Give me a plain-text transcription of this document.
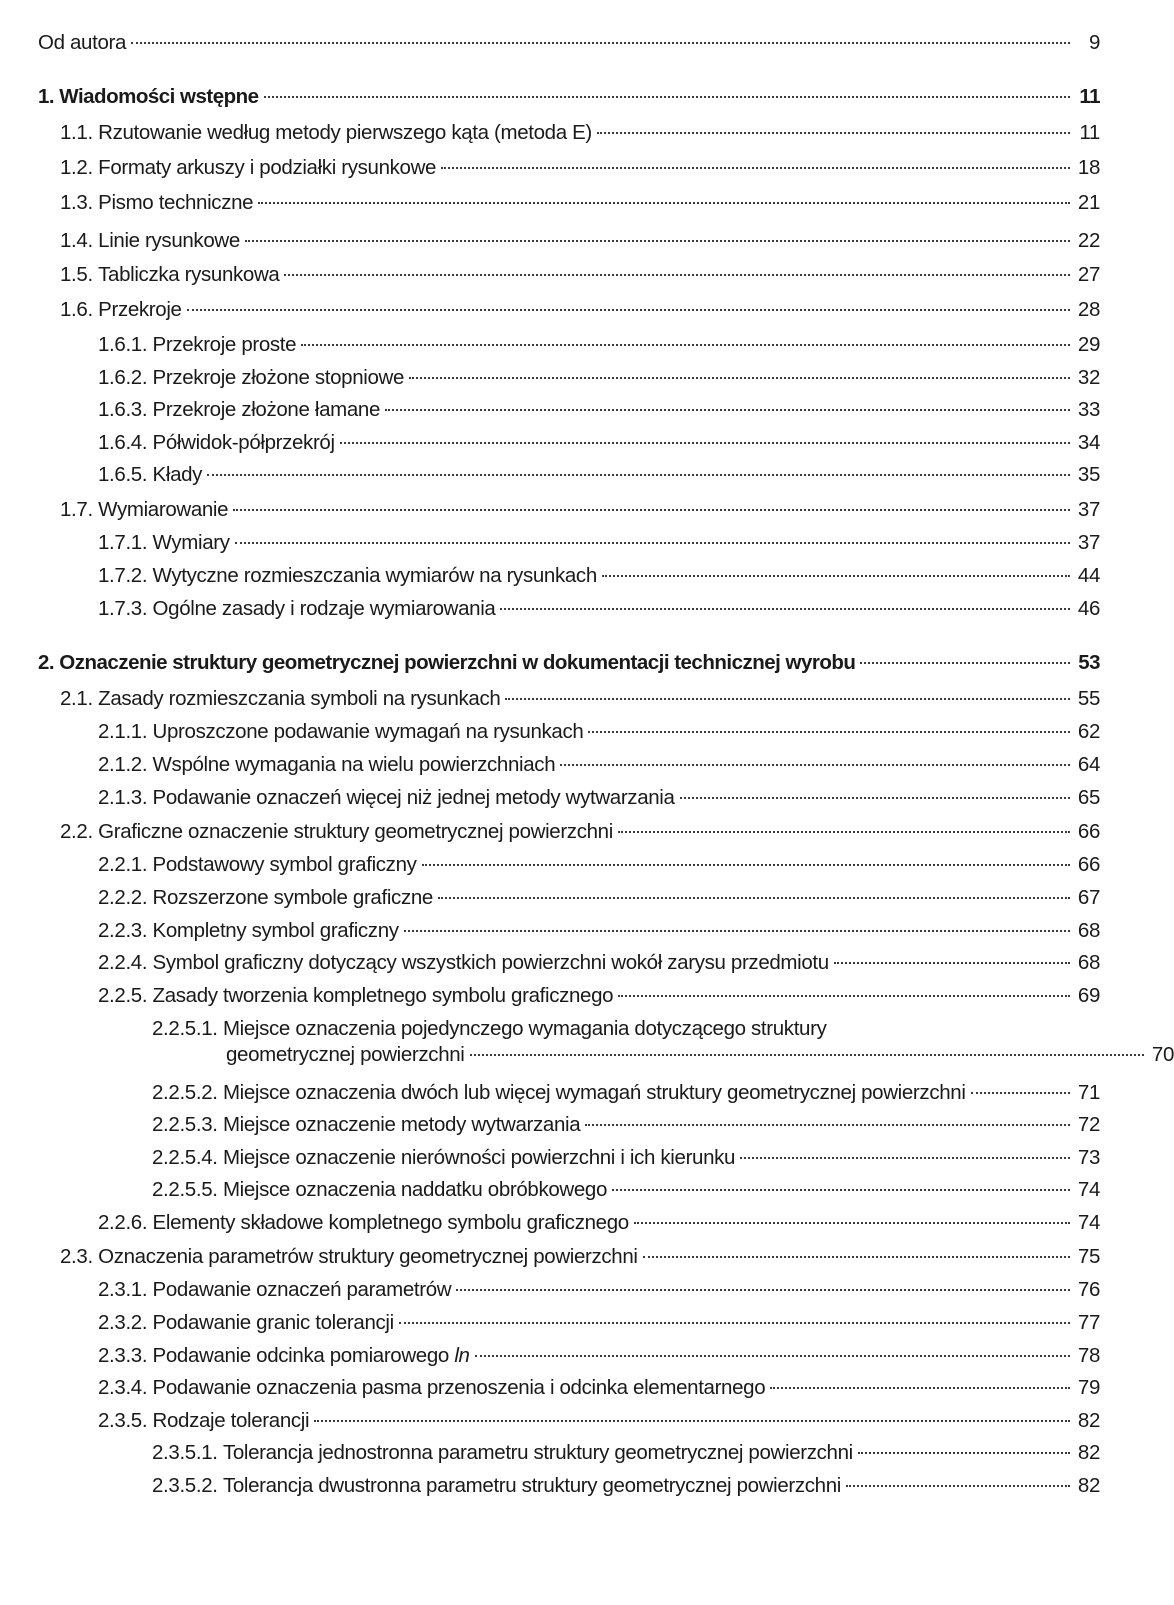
Od autora	9
1. Wiadomości wstępne	11
1.1. Rzutowanie według metody pierwszego kąta (metoda E)	11
1.2. Formaty arkuszy i podziałki rysunkowe	18
1.3. Pismo techniczne	21
1.4. Linie rysunkowe	22
1.5. Tabliczka rysunkowa	27
1.6. Przekroje	28
1.6.1. Przekroje proste	29
1.6.2. Przekroje złożone stopniowe	32
1.6.3. Przekroje złożone łamane	33
1.6.4. Półwidok-półprzekrój	34
1.6.5. Kłady	35
1.7. Wymiarowanie	37
1.7.1. Wymiary	37
1.7.2. Wytyczne rozmieszczania wymiarów na rysunkach	44
1.7.3. Ogólne zasady i rodzaje wymiarowania	46
2. Oznaczenie struktury geometrycznej powierzchni w dokumentacji technicznej wyrobu	53
2.1. Zasady rozmieszczania symboli na rysunkach	55
2.1.1. Uproszczone podawanie wymagań na rysunkach	62
2.1.2. Wspólne wymagania na wielu powierzchniach	64
2.1.3. Podawanie oznaczeń więcej niż jednej metody wytwarzania	65
2.2. Graficzne oznaczenie struktury geometrycznej powierzchni	66
2.2.1. Podstawowy symbol graficzny	66
2.2.2. Rozszerzone symbole graficzne	67
2.2.3. Kompletny symbol graficzny	68
2.2.4. Symbol graficzny dotyczący wszystkich powierzchni wokół zarysu przedmiotu	68
2.2.5. Zasady tworzenia kompletnego symbolu graficznego	69
2.2.5.1. Miejsce oznaczenia pojedynczego wymagania dotyczącego struktury
geometrycznej powierzchni	70
2.2.5.2. Miejsce oznaczenia dwóch lub więcej wymagań struktury geometrycznej powierzchni	71
2.2.5.3. Miejsce oznaczenie metody wytwarzania	72
2.2.5.4. Miejsce oznaczenie nierówności powierzchni i ich kierunku	73
2.2.5.5. Miejsce oznaczenia naddatku obróbkowego	74
2.2.6. Elementy składowe kompletnego symbolu graficznego	74
2.3. Oznaczenia parametrów struktury geometrycznej powierzchni	75
2.3.1. Podawanie oznaczeń parametrów	76
2.3.2. Podawanie granic tolerancji	77
2.3.3. Podawanie odcinka pomiarowego ln	78
2.3.4. Podawanie oznaczenia pasma przenoszenia i odcinka elementarnego	79
2.3.5. Rodzaje tolerancji	82
2.3.5.1. Tolerancja jednostronna parametru struktury geometrycznej powierzchni	82
2.3.5.2. Tolerancja dwustronna parametru struktury geometrycznej powierzchni	82
